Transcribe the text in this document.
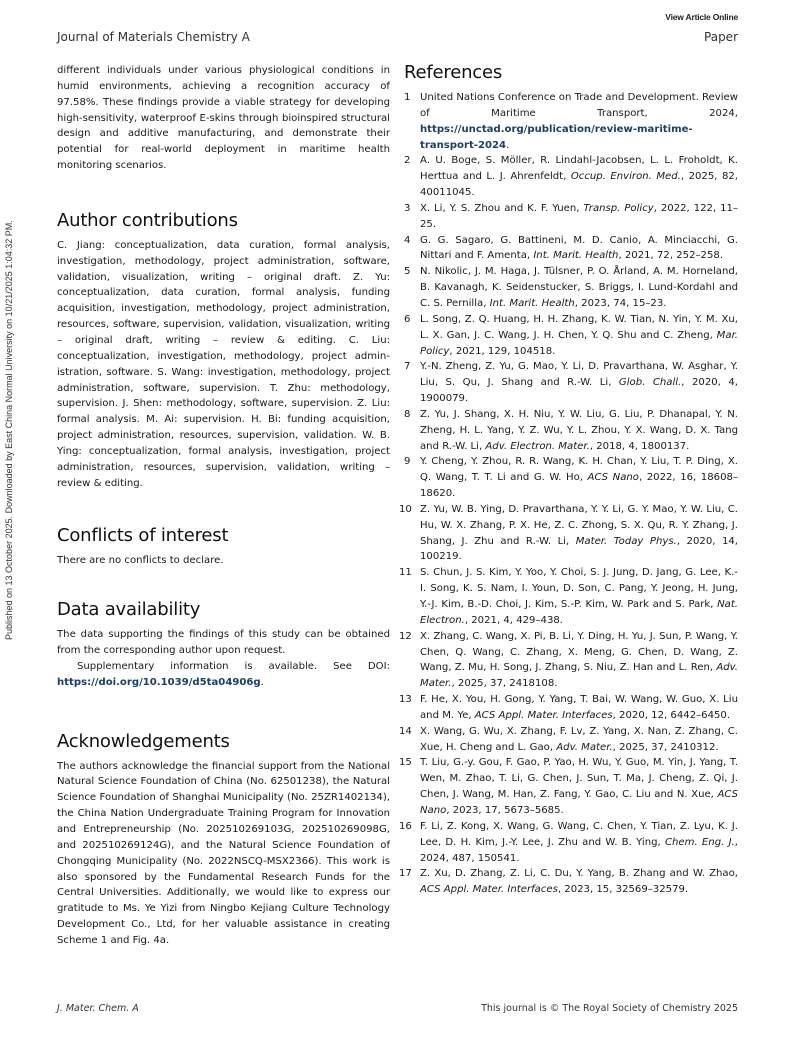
View Article Online
Journal of Materials Chemistry A	Paper
Published on 13 October 2025. Downloaded by East China Normal University on 10/21/2025 1:04:32 PM.

different individuals under various physiological conditions in humid environments, achieving a recognition accuracy of 97.58%. These findings provide a viable strategy for developing high-sensitivity, waterproof E-skins through bioinspired structural design and additive manufacturing, and demonstrate their potential for real-world deployment in maritime health monitoring scenarios.

Author contributions

C. Jiang: conceptualization, data curation, formal analysis, investigation, methodology, project administration, software, validation, visualization, writing – original draft. Z. Yu: conceptualization, data curation, formal analysis, funding acquisition, investigation, methodology, project administration, resources, software, supervision, validation, visualization, writing – original draft, writing – review & editing. C. Liu: conceptualization, investigation, methodology, project administration, software. S. Wang: investigation, methodology, project administration, software, supervision. T. Zhu: methodology, supervision. J. Shen: methodology, software, supervision. Z. Liu: formal analysis. M. Ai: supervision. H. Bi: funding acquisition, project administration, resources, supervision, validation. W. B. Ying: conceptualization, formal analysis, investigation, project administration, resources, supervision, validation, writing – review & editing.

Conflicts of interest

There are no conflicts to declare.

Data availability

The data supporting the findings of this study can be obtained from the corresponding author upon request.

Supplementary information is available. See DOI: https://doi.org/10.1039/d5ta04906g.

Acknowledgements

The authors acknowledge the financial support from the National Natural Science Foundation of China (No. 62501238), the Natural Science Foundation of Shanghai Municipality (No. 25ZR1402134), the China Nation Undergraduate Training Program for Innovation and Entrepreneurship (No. 202510269103G, 202510269098G, and 202510269124G), and the Natural Science Foundation of Chongqing Municipality (No. 2022NSCQ-MSX2366). This work is also sponsored by the Fundamental Research Funds for the Central Universities. Additionally, we would like to express our gratitude to Ms. Ye Yizi from Ningbo Kejiang Culture Technology Development Co., Ltd, for her valuable assistance in creating Scheme 1 and Fig. 4a.

References
1 United Nations Conference on Trade and Development. Review of Maritime Transport, 2024, https://unctad.org/publication/review-maritime-transport-2024.
2 A. U. Boge, S. Möller, R. Lindahl-Jacobsen, L. L. Froholdt, K. Herttua and L. J. Ahrenfeldt, Occup. Environ. Med., 2025, 82, 40011045.
3 X. Li, Y. S. Zhou and K. F. Yuen, Transp. Policy, 2022, 122, 11–25.
4 G. G. Sagaro, G. Battineni, M. D. Canio, A. Minciacchi, G. Nittari and F. Amenta, Int. Marit. Health, 2021, 72, 252–258.
5 N. Nikolic, J. M. Haga, J. Tülsner, P. O. Årland, A. M. Horneland, B. Kavanagh, K. Seidenstucker, S. Briggs, I. Lund-Kordahl and C. S. Pernilla, Int. Marit. Health, 2023, 74, 15–23.
6 L. Song, Z. Q. Huang, H. H. Zhang, K. W. Tian, N. Yin, Y. M. Xu, L. X. Gan, J. C. Wang, J. H. Chen, Y. Q. Shu and C. Zheng, Mar. Policy, 2021, 129, 104518.
7 Y.-N. Zheng, Z. Yu, G. Mao, Y. Li, D. Pravarthana, W. Asghar, Y. Liu, S. Qu, J. Shang and R.-W. Li, Glob. Chall., 2020, 4, 1900079.
8 Z. Yu, J. Shang, X. H. Niu, Y. W. Liu, G. Liu, P. Dhanapal, Y. N. Zheng, H. L. Yang, Y. Z. Wu, Y. L. Zhou, Y. X. Wang, D. X. Tang and R.-W. Li, Adv. Electron. Mater., 2018, 4, 1800137.
9 Y. Cheng, Y. Zhou, R. R. Wang, K. H. Chan, Y. Liu, T. P. Ding, X. Q. Wang, T. T. Li and G. W. Ho, ACS Nano, 2022, 16, 18608–18620.
10 Z. Yu, W. B. Ying, D. Pravarthana, Y. Y. Li, G. Y. Mao, Y. W. Liu, C. Hu, W. X. Zhang, P. X. He, Z. C. Zhong, S. X. Qu, R. Y. Zhang, J. Shang, J. Zhu and R.-W. Li, Mater. Today Phys., 2020, 14, 100219.
11 S. Chun, J. S. Kim, Y. Yoo, Y. Choi, S. J. Jung, D. Jang, G. Lee, K.-I. Song, K. S. Nam, I. Youn, D. Son, C. Pang, Y. Jeong, H. Jung, Y.-J. Kim, B.-D. Choi, J. Kim, S.-P. Kim, W. Park and S. Park, Nat. Electron., 2021, 4, 429–438.
12 X. Zhang, C. Wang, X. Pi, B. Li, Y. Ding, H. Yu, J. Sun, P. Wang, Y. Chen, Q. Wang, C. Zhang, X. Meng, G. Chen, D. Wang, Z. Wang, Z. Mu, H. Song, J. Zhang, S. Niu, Z. Han and L. Ren, Adv. Mater., 2025, 37, 2418108.
13 F. He, X. You, H. Gong, Y. Yang, T. Bai, W. Wang, W. Guo, X. Liu and M. Ye, ACS Appl. Mater. Interfaces, 2020, 12, 6442–6450.
14 X. Wang, G. Wu, X. Zhang, F. Lv, Z. Yang, X. Nan, Z. Zhang, C. Xue, H. Cheng and L. Gao, Adv. Mater., 2025, 37, 2410312.
15 T. Liu, G.-y. Gou, F. Gao, P. Yao, H. Wu, Y. Guo, M. Yin, J. Yang, T. Wen, M. Zhao, T. Li, G. Chen, J. Sun, T. Ma, J. Cheng, Z. Qi, J. Chen, J. Wang, M. Han, Z. Fang, Y. Gao, C. Liu and N. Xue, ACS Nano, 2023, 17, 5673–5685.
16 F. Li, Z. Kong, X. Wang, G. Wang, C. Chen, Y. Tian, Z. Lyu, K. J. Lee, D. H. Kim, J.-Y. Lee, J. Zhu and W. B. Ying, Chem. Eng. J., 2024, 487, 150541.
17 Z. Xu, D. Zhang, Z. Li, C. Du, Y. Yang, B. Zhang and W. Zhao, ACS Appl. Mater. Interfaces, 2023, 15, 32569–32579.
J. Mater. Chem. A	This journal is © The Royal Society of Chemistry 2025
